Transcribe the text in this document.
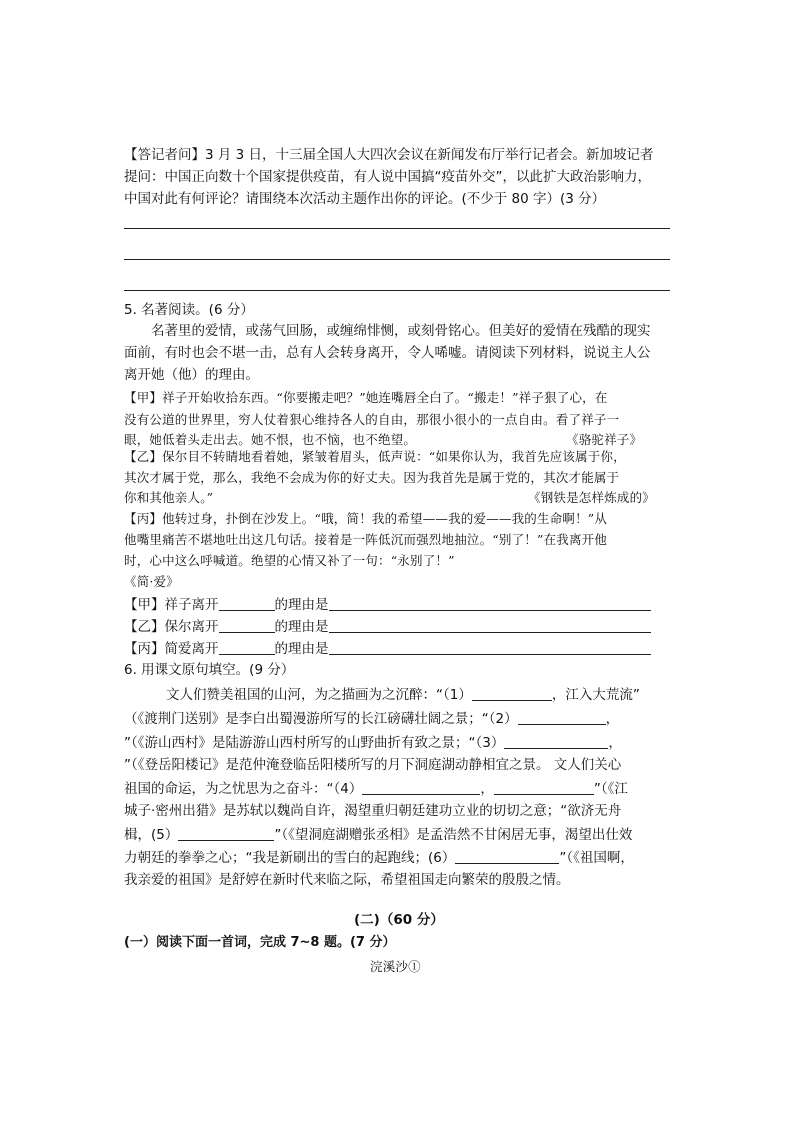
【答记者问】3 月 3 日，十三届全国人大四次会议在新闻发布厅举行记者会。新加坡记者
提问：中国正向数十个国家提供疫苗，有人说中国搞“疫苗外交”，以此扩大政治影响力，
中国对此有何评论？请围绕本次活动主题作出你的评论。(不少于 80 字）(3 分）
5. 名著阅读。(6 分）
名著里的爱情，或荡气回肠，或缠绵悱恻，或刻骨铭心。但美好的爱情在残酷的现实
面前，有时也会不堪一击，总有人会转身离开，令人唏嘘。请阅读下列材料，说说主人公
离开她（他）的理由。
【甲】祥子开始收拾东西。“你要搬走吧？”她连嘴唇全白了。“搬走！”祥子狠了心，在
没有公道的世界里，穷人仗着狠心维持各人的自由，那很小很小的一点自由。看了祥子一
眼，她低着头走出去。她不恨，也不恼，也不绝望。	《骆驼祥子》
【乙】保尔目不转睛地看着她，紧皱着眉头，低声说：“如果你认为，我首先应该属于你，
其次才属于党，那么，我绝不会成为你的好丈夫。因为我首先是属于党的，其次才能属于
你和其他亲人。”	《钢铁是怎样炼成的》
【丙】他转过身，扑倒在沙发上。“哦，简！我的希望——我的爱——我的生命啊！”从
他嘴里痛苦不堪地吐出这几句话。接着是一阵低沉而强烈地抽泣。“别了！”在我离开他
时，心中这么呼喊道。绝望的心情又补了一句：“永别了！”
《简·爱》
【甲】祥子离开	的理由是
【乙】保尔离开	的理由是
【丙】简爱离开	的理由是
6. 用课文原句填空。(9 分）
文人们赞美祖国的山河，为之描画为之沉醉：“（1）	，江入大荒流”
（《渡荆门送别》是李白出蜀漫游所写的长江磅礴壮阔之景；“（2）	，
”（《游山西村》是陆游游山西村所写的山野曲折有致之景；“（3）	，
”（《登岳阳楼记》是范仲淹登临岳阳楼所写的月下洞庭湖动静相宜之景。 文人们关心
祖国的命运，为之忧思为之奋斗：“（4）	，	”（《江
城子·密州出猎》是苏轼以魏尚自许，渴望重归朝廷建功立业的切切之意；“欲济无舟
楫，(5）	”（《望洞庭湖赠张丞相》是孟浩然不甘闲居无事，渴望出仕效
力朝廷的拳拳之心；“我是新刷出的雪白的起跑线；(6）	”（《祖国啊，
我亲爱的祖国》是舒婷在新时代来临之际，希望祖国走向繁荣的殷殷之情。
(二)（60 分）
(一）阅读下面一首词，完成 7~8 题。(7 分）
浣溪沙①
